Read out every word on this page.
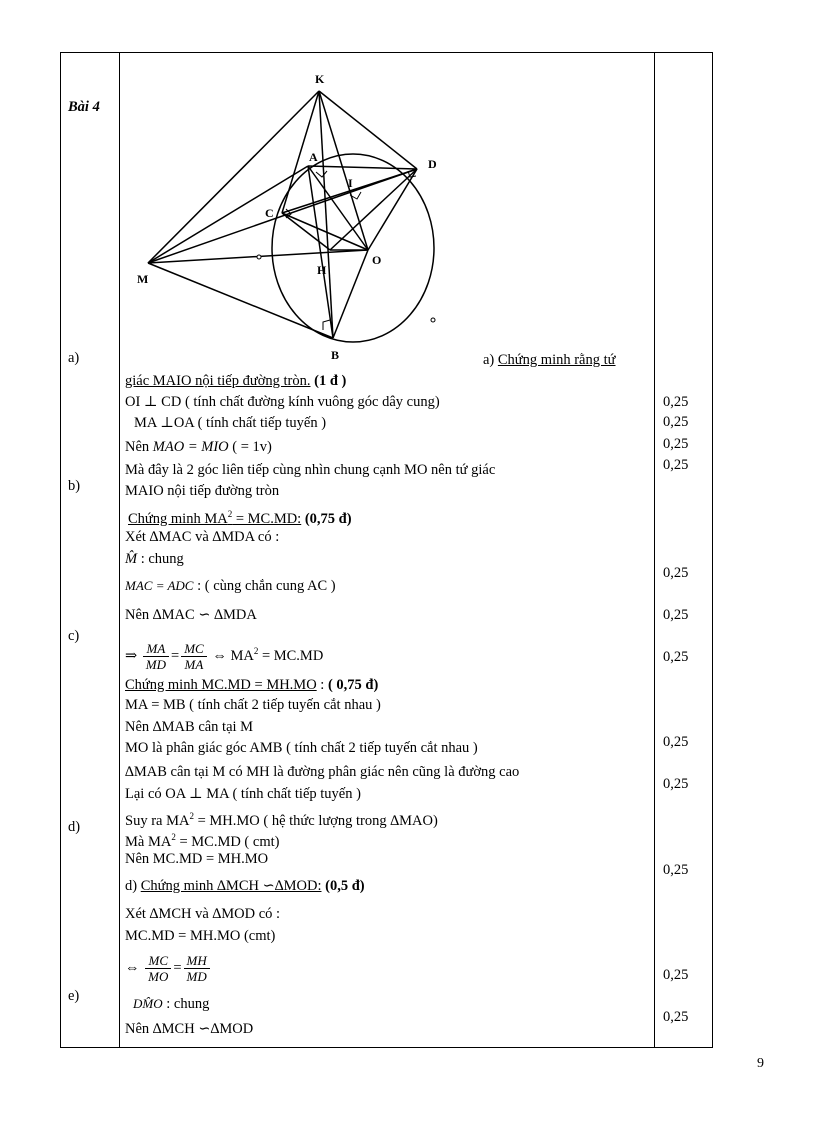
Bài 4
K
A	D
I
C
M
H
O
B
a)
b)
c)
d)
e)
a) Chứng minh rằng tứ
giác MAIO nội tiếp đường tròn. (1 đ )
OI ⊥ CD ( tính chất đường kính vuông góc dây cung)
MA ⊥OA ( tính chất tiếp tuyến )
Nên MAO = MIO ( = 1v)
Mà đây là 2 góc liên tiếp cùng nhìn chung cạnh MO nên tứ giác
MAIO nội tiếp đường tròn
Chứng minh $MA^2 = MC.MD$: (0,75 đ)
Xét ∆MAC và ∆MDA có :
M̂ : chung
MAC = ADC : ( cùng chắn cung AC )
Nên ∆MAC ∽ ∆MDA
⇒ $\frac{MA}{MD} = \frac{MC}{MA}$ ⇔ $MA^2 = MC.MD$
Chứng minh MC.MD = MH.MO : ( 0,75 đ)
MA = MB ( tính chất 2 tiếp tuyến cắt nhau )
Nên ∆MAB cân tại M
MO là phân giác góc AMB ( tính chất 2 tiếp tuyến cắt nhau )
∆MAB cân tại M có MH là đường phân giác nên cũng là đường cao
Lại có OA ⊥ MA ( tính chất tiếp tuyến )
Suy ra $MA^2 = MH.MO$ ( hệ thức lượng trong ∆MAO)
Mà $MA^2 = MC.MD$ ( cmt)
Nên MC.MD = MH.MO
d) Chứng minh ∆MCH ∽∆MOD: (0,5 đ)
Xét ∆MCH và ∆MOD có :
MC.MD = MH.MO (cmt)
⇔ $\frac{MC}{MO} = \frac{MH}{MD}$
DM̂O : chung
Nên ∆MCH ∽∆MOD
0,25
0,25
0,25
0,25
0,25
0,25
0,25
0,25
0,25
0,25
0,25
0,25
9
